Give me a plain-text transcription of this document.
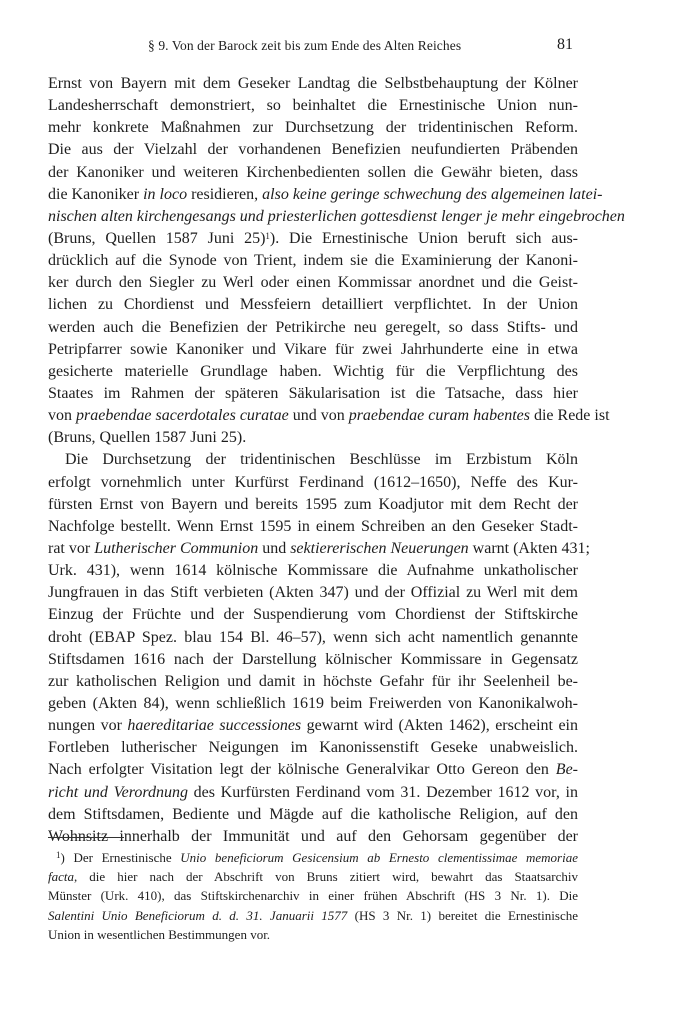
§ 9. Von der Barock zeit bis zum Ende des Alten Reiches	81
Ernst von Bayern mit dem Geseker Landtag die Selbstbehauptung der Kölner
Landesherrschaft demonstriert, so beinhaltet die Ernestinische Union nun-
mehr konkrete Maßnahmen zur Durchsetzung der tridentinischen Reform.
Die aus der Vielzahl der vorhandenen Benefizien neufundierten Präbenden
der Kanoniker und weiteren Kirchenbedienten sollen die Gewähr bieten, dass
die Kanoniker in loco residieren, also keine geringe schwechung des algemeinen latei-
nischen alten kirchengesangs und priesterlichen gottesdienst lenger je mehr eingebrochen
(Bruns, Quellen 1587 Juni 25)$^1$). Die Ernestinische Union beruft sich aus-
drücklich auf die Synode von Trient, indem sie die Examinierung der Kanoni-
ker durch den Siegler zu Werl oder einen Kommissar anordnet und die Geist-
lichen zu Chordienst und Messfeiern detailliert verpflichtet. In der Union
werden auch die Benefizien der Petrikirche neu geregelt, so dass Stifts- und
Petripfarrer sowie Kanoniker und Vikare für zwei Jahrhunderte eine in etwa
gesicherte materielle Grundlage haben. Wichtig für die Verpflichtung des
Staates im Rahmen der späteren Säkularisation ist die Tatsache, dass hier
von praebendae sacerdotales curatae und von praebendae curam habentes die Rede ist
(Bruns, Quellen 1587 Juni 25).
Die Durchsetzung der tridentinischen Beschlüsse im Erzbistum Köln
erfolgt vornehmlich unter Kurfürst Ferdinand (1612–1650), Neffe des Kur-
fürsten Ernst von Bayern und bereits 1595 zum Koadjutor mit dem Recht der
Nachfolge bestellt. Wenn Ernst 1595 in einem Schreiben an den Geseker Stadt-
rat vor Lutherischer Communion und sektiererischen Neuerungen warnt (Akten 431;
Urk. 431), wenn 1614 kölnische Kommissare die Aufnahme unkatholischer
Jungfrauen in das Stift verbieten (Akten 347) und der Offizial zu Werl mit dem
Einzug der Früchte und der Suspendierung vom Chordienst der Stiftskirche
droht (EBAP Spez. blau 154 Bl. 46–57), wenn sich acht namentlich genannte
Stiftsdamen 1616 nach der Darstellung kölnischer Kommissare in Gegensatz
zur katholischen Religion und damit in höchste Gefahr für ihr Seelenheil be-
geben (Akten 84), wenn schließlich 1619 beim Freiwerden von Kanonikalwoh-
nungen vor haereditariae successiones gewarnt wird (Akten 1462), erscheint ein
Fortleben lutherischer Neigungen im Kanonissenstift Geseke unabweislich.
Nach erfolgter Visitation legt der kölnische Generalvikar Otto Gereon den Be-
richt und Verordnung des Kurfürsten Ferdinand vom 31. Dezember 1612 vor, in
dem Stiftsdamen, Bediente und Mägde auf die katholische Religion, auf den
Wohnsitz innerhalb der Immunität und auf den Gehorsam gegenüber der
$^1$) Der Ernestinische Unio beneficiorum Gesicensium ab Ernesto clementissimae memoriae
facta, die hier nach der Abschrift von Bruns zitiert wird, bewahrt das Staatsarchiv
Münster (Urk. 410), das Stiftskirchenarchiv in einer frühen Abschrift (HS 3 Nr. 1). Die
Salentini Unio Beneficiorum d. d. 31. Januarii 1577 (HS 3 Nr. 1) bereitet die Ernestinische
Union in wesentlichen Bestimmungen vor.
